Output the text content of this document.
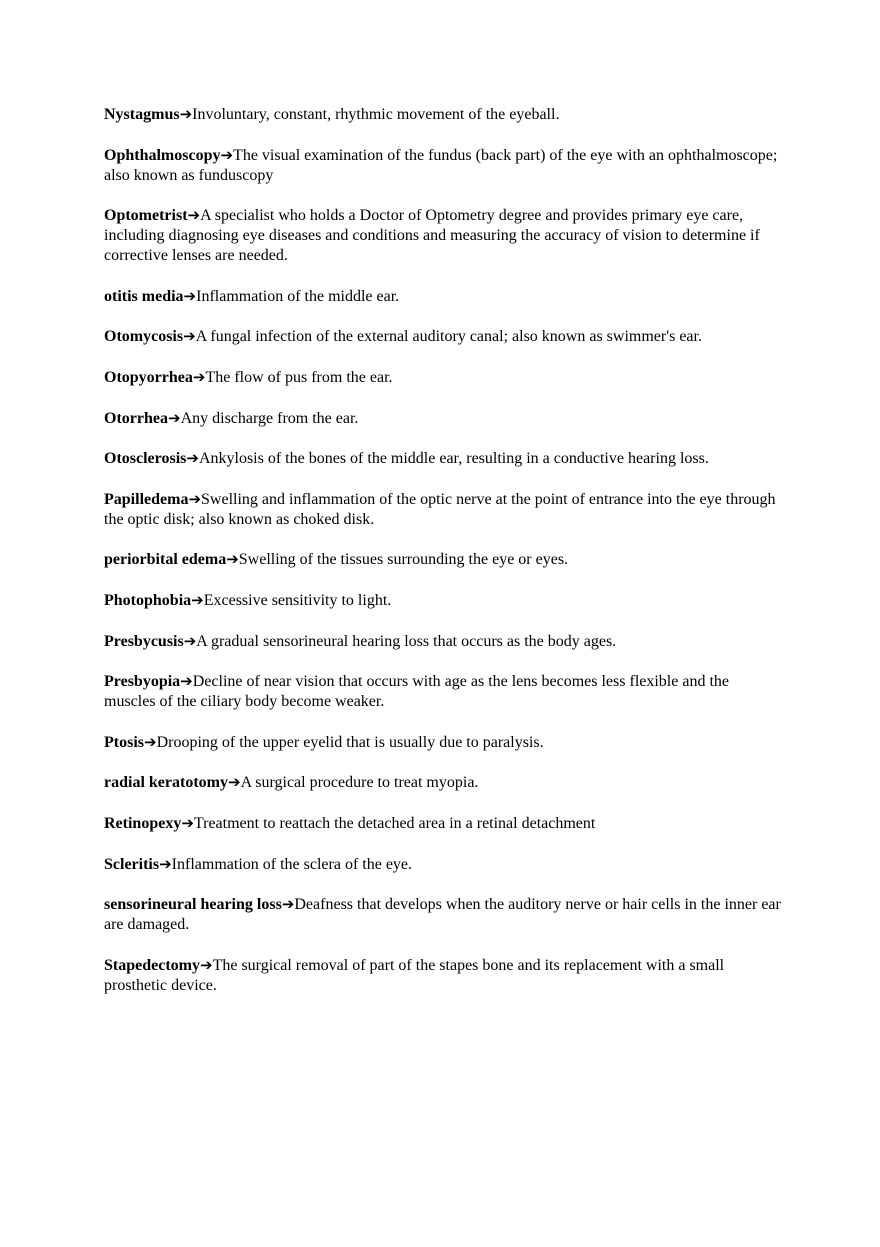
Nystagmus➔Involuntary, constant, rhythmic movement of the eyeball.

Ophthalmoscopy➔The visual examination of the fundus (back part) of the eye with an ophthalmoscope; also known as funduscopy

Optometrist➔A specialist who holds a Doctor of Optometry degree and provides primary eye care, including diagnosing eye diseases and conditions and measuring the accuracy of vision to determine if corrective lenses are needed.

otitis media➔Inflammation of the middle ear.

Otomycosis➔A fungal infection of the external auditory canal; also known as swimmer's ear.

Otopyorrhea➔The flow of pus from the ear.

Otorrhea➔Any discharge from the ear.

Otosclerosis➔Ankylosis of the bones of the middle ear, resulting in a conductive hearing loss.

Papilledema➔Swelling and inflammation of the optic nerve at the point of entrance into the eye through the optic disk; also known as choked disk.

periorbital edema➔Swelling of the tissues surrounding the eye or eyes.

Photophobia➔Excessive sensitivity to light.

Presbycusis➔A gradual sensorineural hearing loss that occurs as the body ages.

Presbyopia➔Decline of near vision that occurs with age as the lens becomes less flexible and the muscles of the ciliary body become weaker.

Ptosis➔Drooping of the upper eyelid that is usually due to paralysis.

radial keratotomy➔A surgical procedure to treat myopia.

Retinopexy➔Treatment to reattach the detached area in a retinal detachment

Scleritis➔Inflammation of the sclera of the eye.

sensorineural hearing loss➔Deafness that develops when the auditory nerve or hair cells in the inner ear are damaged.

Stapedectomy➔The surgical removal of part of the stapes bone and its replacement with a small prosthetic device.
